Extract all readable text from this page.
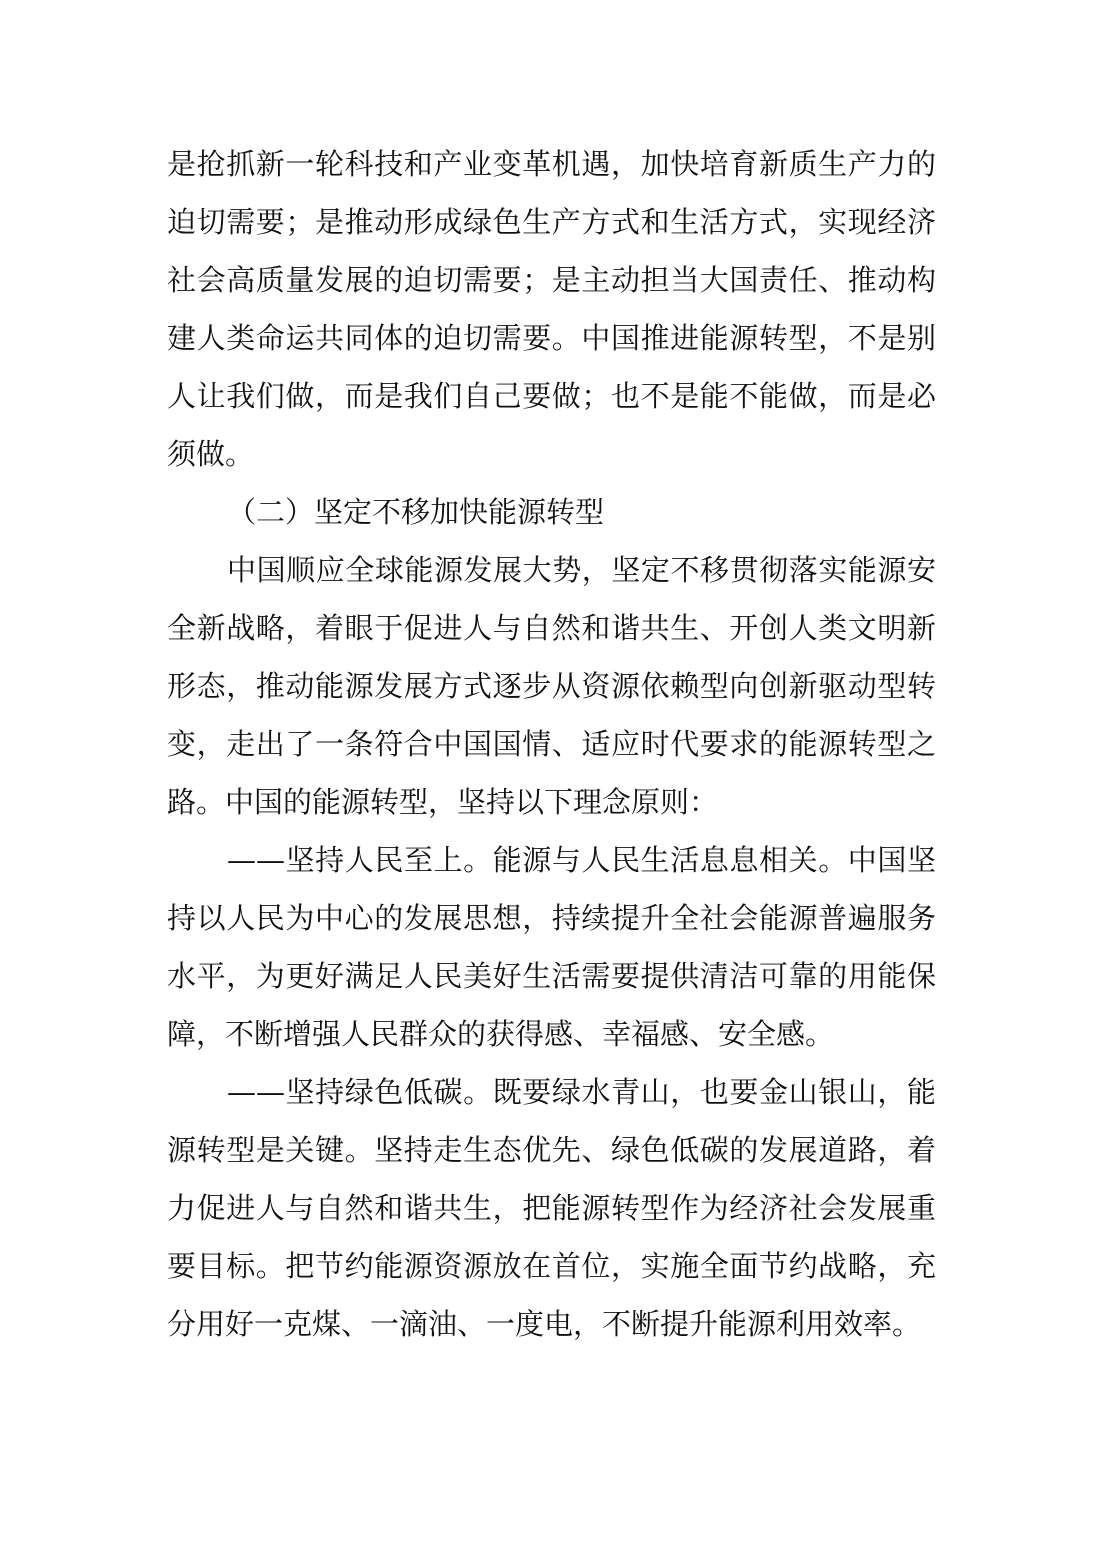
是抢抓新一轮科技和产业变革机遇，加快培育新质生产力的迫切需要；是推动形成绿色生产方式和生活方式，实现经济社会高质量发展的迫切需要；是主动担当大国责任、推动构建人类命运共同体的迫切需要。中国推进能源转型，不是别人让我们做，而是我们自己要做；也不是能不能做，而是必须做。

（二）坚定不移加快能源转型

中国顺应全球能源发展大势，坚定不移贯彻落实能源安全新战略，着眼于促进人与自然和谐共生、开创人类文明新形态，推动能源发展方式逐步从资源依赖型向创新驱动型转变，走出了一条符合中国国情、适应时代要求的能源转型之路。中国的能源转型，坚持以下理念原则：

——坚持人民至上。能源与人民生活息息相关。中国坚持以人民为中心的发展思想，持续提升全社会能源普遍服务水平，为更好满足人民美好生活需要提供清洁可靠的用能保障，不断增强人民群众的获得感、幸福感、安全感。

——坚持绿色低碳。既要绿水青山，也要金山银山，能源转型是关键。坚持走生态优先、绿色低碳的发展道路，着力促进人与自然和谐共生，把能源转型作为经济社会发展重要目标。把节约能源资源放在首位，实施全面节约战略，充分用好一克煤、一滴油、一度电，不断提升能源利用效率。
